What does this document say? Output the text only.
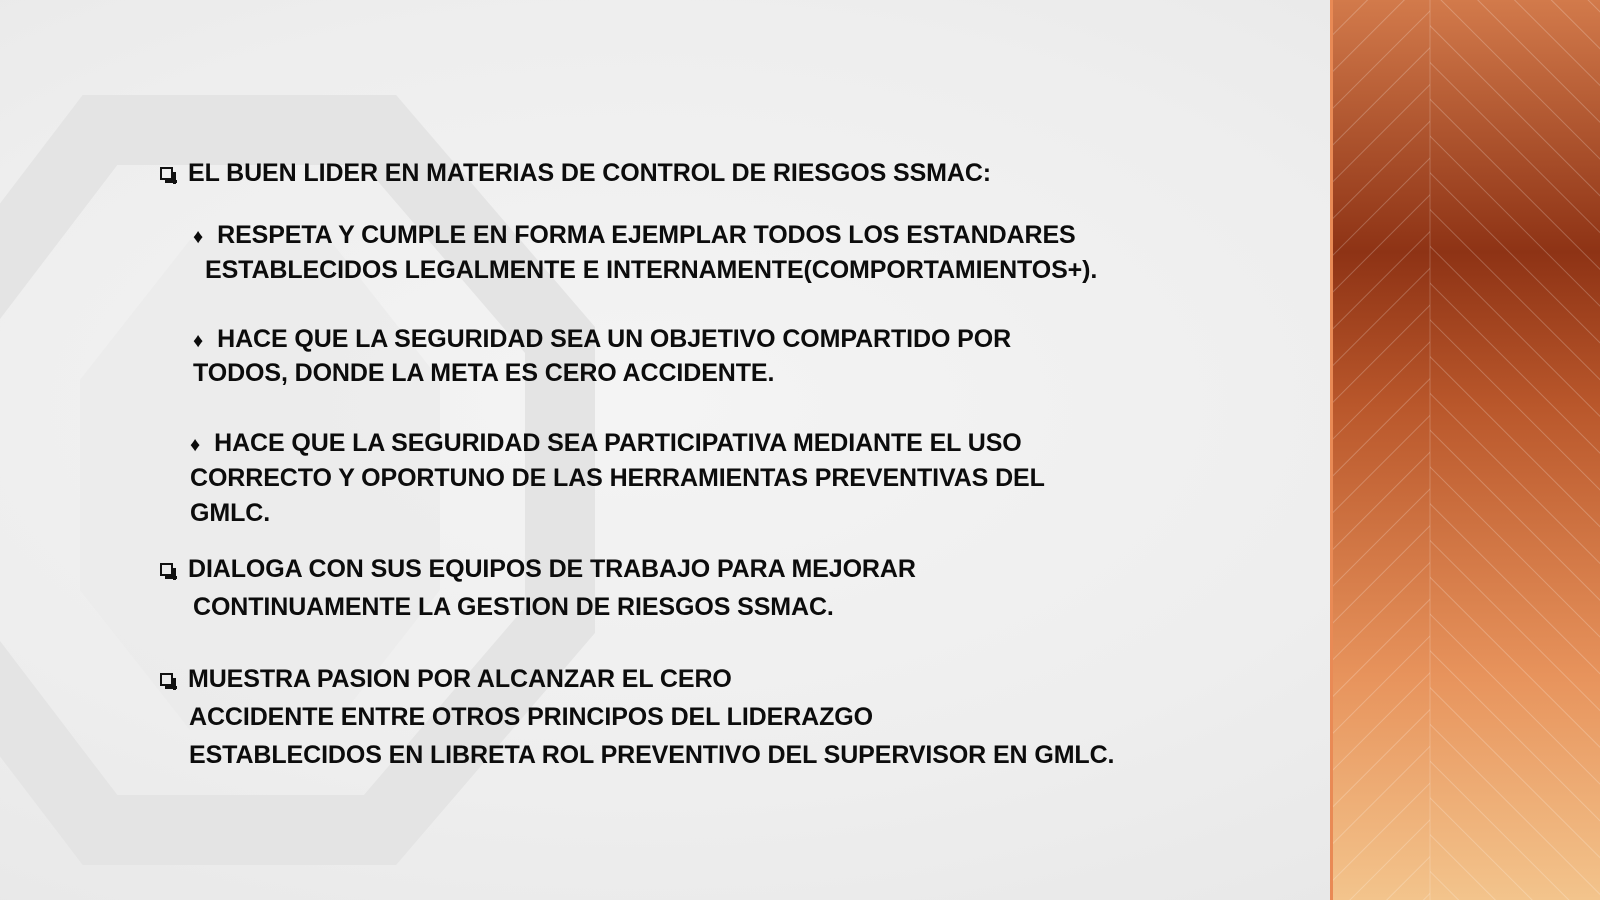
EL BUEN LIDER EN MATERIAS DE CONTROL DE RIESGOS SSMAC:

♦ RESPETA Y CUMPLE EN FORMA EJEMPLAR TODOS LOS ESTANDARES

ESTABLECIDOS LEGALMENTE E INTERNAMENTE(COMPORTAMIENTOS+).

♦ HACE QUE LA SEGURIDAD SEA UN OBJETIVO COMPARTIDO POR

TODOS, DONDE LA META ES CERO ACCIDENTE.

♦ HACE QUE LA SEGURIDAD SEA PARTICIPATIVA MEDIANTE EL USO

CORRECTO Y OPORTUNO DE LAS HERRAMIENTAS PREVENTIVAS DEL

GMLC.

DIALOGA CON SUS EQUIPOS DE TRABAJO PARA MEJORAR

CONTINUAMENTE LA GESTION DE RIESGOS SSMAC.

MUESTRA PASION POR ALCANZAR EL CERO

ACCIDENTE ENTRE OTROS PRINCIPOS DEL LIDERAZGO

ESTABLECIDOS EN LIBRETA ROL PREVENTIVO DEL SUPERVISOR EN GMLC.
